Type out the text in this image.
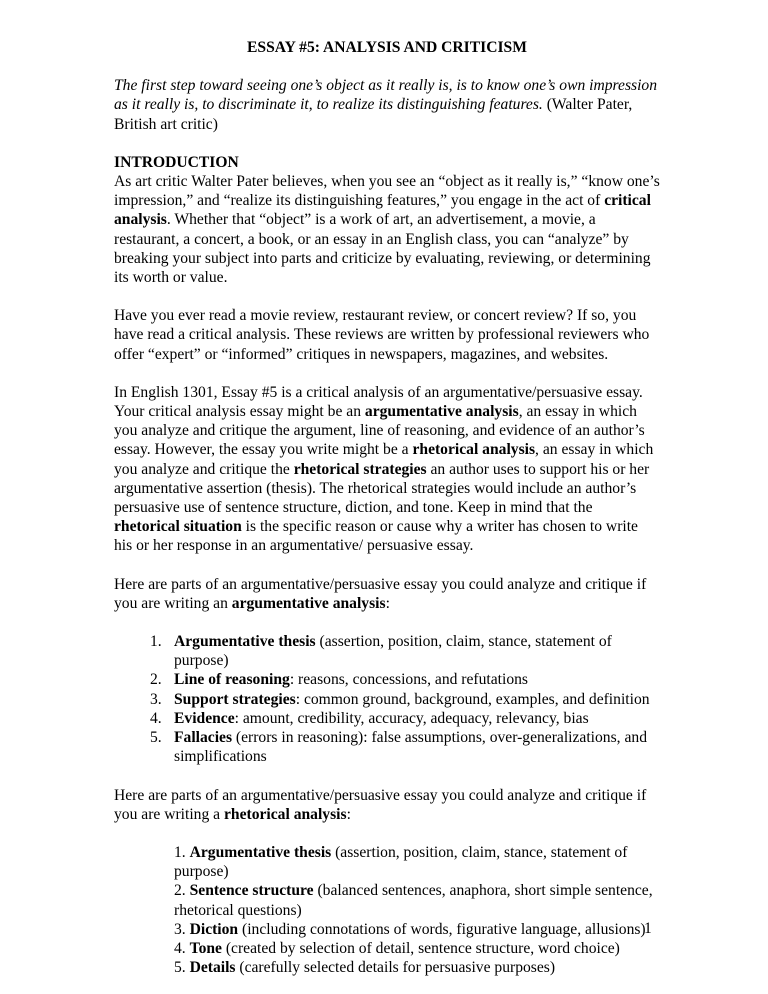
ESSAY #5: ANALYSIS AND CRITICISM

The first step toward seeing one’s object as it really is, is to know one’s own impression as it really is, to discriminate it, to realize its distinguishing features. (Walter Pater, British art critic)

INTRODUCTION

As art critic Walter Pater believes, when you see an “object as it really is,” “know one’s impression,” and “realize its distinguishing features,” you engage in the act of critical analysis. Whether that “object” is a work of art, an advertisement, a movie, a restaurant, a concert, a book, or an essay in an English class, you can “analyze” by breaking your subject into parts and criticize by evaluating, reviewing, or determining its worth or value.

Have you ever read a movie review, restaurant review, or concert review? If so, you have read a critical analysis. These reviews are written by professional reviewers who offer “expert” or “informed” critiques in newspapers, magazines, and websites.

In English 1301, Essay #5 is a critical analysis of an argumentative/persuasive essay. Your critical analysis essay might be an argumentative analysis, an essay in which you analyze and critique the argument, line of reasoning, and evidence of an author’s essay. However, the essay you write might be a rhetorical analysis, an essay in which you analyze and critique the rhetorical strategies an author uses to support his or her argumentative assertion (thesis). The rhetorical strategies would include an author’s persuasive use of sentence structure, diction, and tone. Keep in mind that the rhetorical situation is the specific reason or cause why a writer has chosen to write his or her response in an argumentative/ persuasive essay.

Here are parts of an argumentative/persuasive essay you could analyze and critique if you are writing an argumentative analysis:

1. Argumentative thesis (assertion, position, claim, stance, statement of purpose)
2. Line of reasoning: reasons, concessions, and refutations
3. Support strategies: common ground, background, examples, and definition
4. Evidence: amount, credibility, accuracy, adequacy, relevancy, bias
5. Fallacies (errors in reasoning): false assumptions, over-generalizations, and simplifications

Here are parts of an argumentative/persuasive essay you could analyze and critique if you are writing a rhetorical analysis:

1. Argumentative thesis (assertion, position, claim, stance, statement of purpose)
2. Sentence structure (balanced sentences, anaphora, short simple sentence, rhetorical questions)
3. Diction (including connotations of words, figurative language, allusions)
4. Tone (created by selection of detail, sentence structure, word choice)
5. Details (carefully selected details for persuasive purposes)
1
